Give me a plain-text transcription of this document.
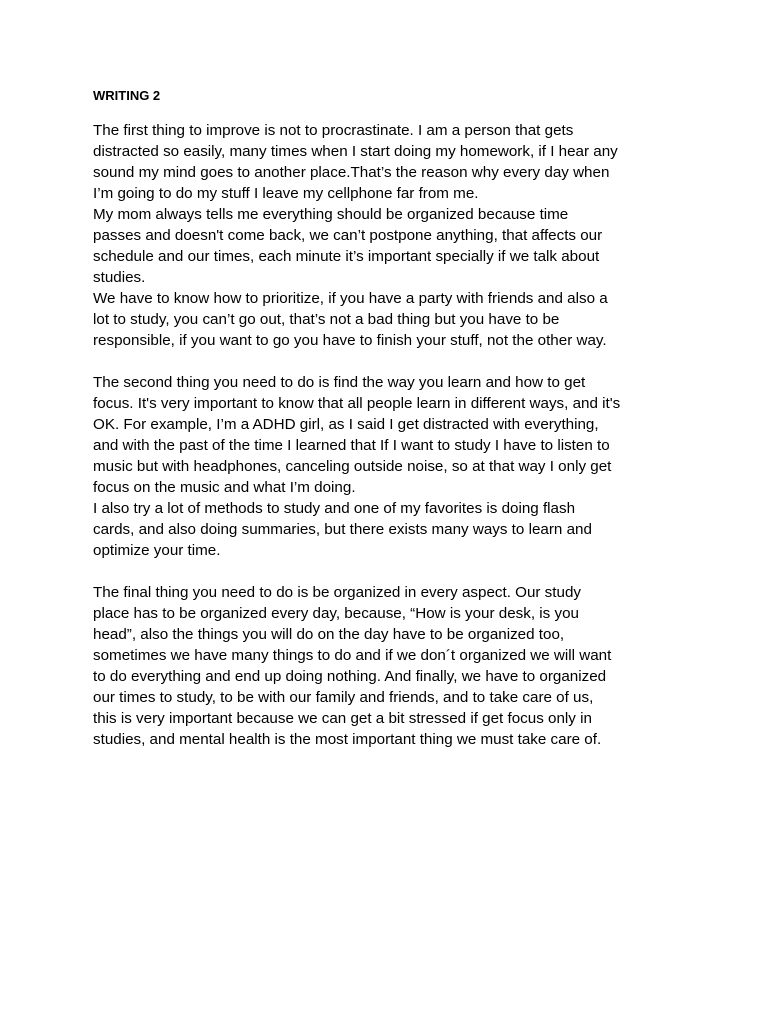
WRITING 2
The first thing to improve is not to procrastinate. I am a person that gets
distracted so easily, many times when I start doing my homework, if I hear any
sound my mind goes to another place.That’s the reason why every day when
I’m going to do my stuff I leave my cellphone far from me.
My mom always tells me everything should be organized because time
passes and doesn't come back, we can’t postpone anything, that affects our
schedule and our times, each minute it’s important specially if we talk about
studies.
We have to know how to prioritize, if you have a party with friends and also a
lot to study, you can’t go out, that’s not a bad thing but you have to be
responsible, if you want to go you have to finish your stuff, not the other way.
The second thing you need to do is find the way you learn and how to get
focus. It's very important to know that all people learn in different ways, and it's
OK. For example, I’m a ADHD girl, as I said I get distracted with everything,
and with the past of the time I learned that If I want to study I have to listen to
music but with headphones, canceling outside noise, so at that way I only get
focus on the music and what I’m doing.
I also try a lot of methods to study and one of my favorites is doing flash
cards, and also doing summaries, but there exists many ways to learn and
optimize your time.
The final thing you need to do is be organized in every aspect. Our study
place has to be organized every day, because, “How is your desk, is you
head”, also the things you will do on the day have to be organized too,
sometimes we have many things to do and if we don´t organized we will want
to do everything and end up doing nothing. And finally, we have to organized
our times to study, to be with our family and friends, and to take care of us,
this is very important because we can get a bit stressed if get focus only in
studies, and mental health is the most important thing we must take care of.
